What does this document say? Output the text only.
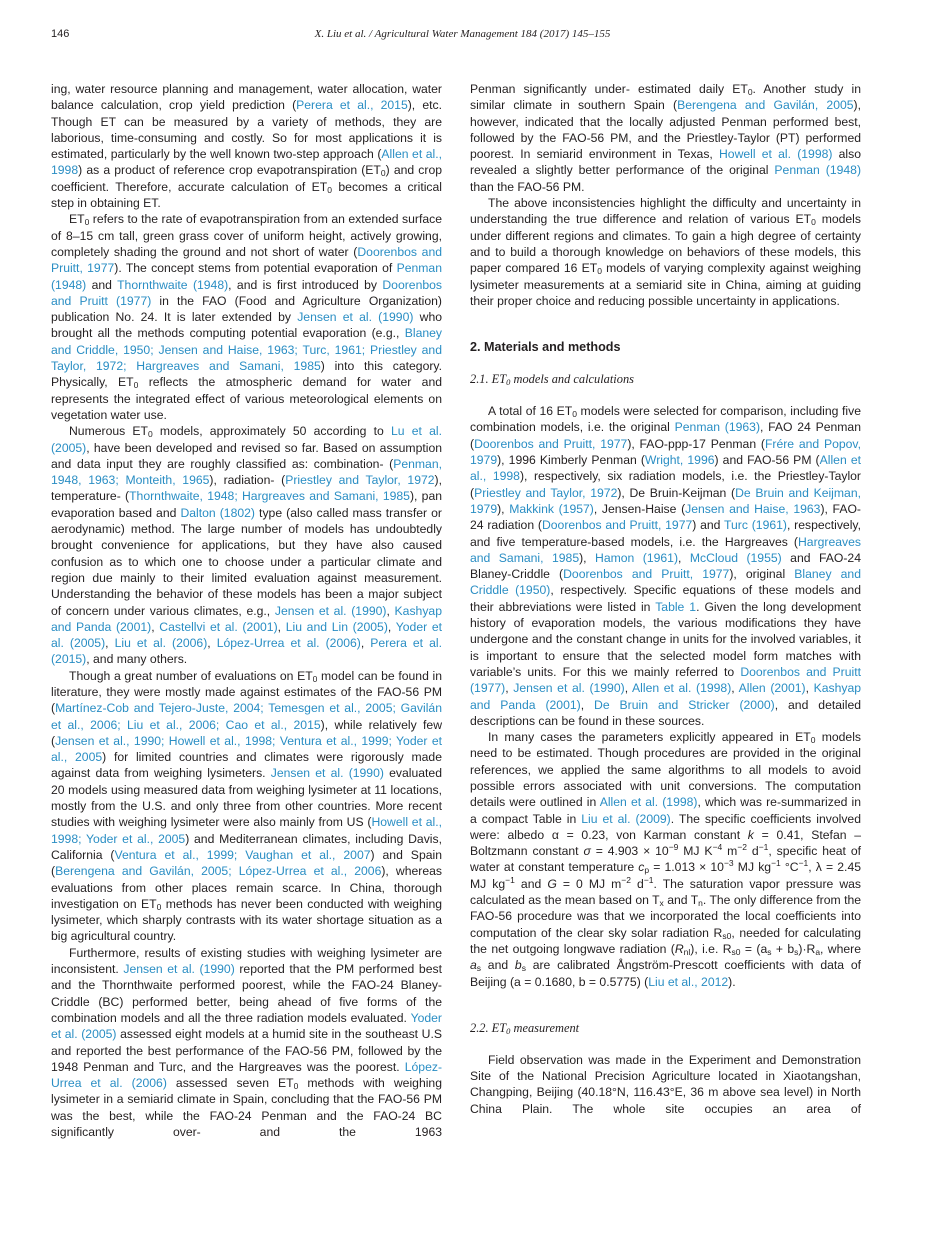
146	X. Liu et al. / Agricultural Water Management 184 (2017) 145–155

ing, water resource planning and management, water allocation, water balance calculation, crop yield prediction (Perera et al., 2015), etc. Though ET can be measured by a variety of methods, they are laborious, time-consuming and costly. So for most applications it is estimated, particularly by the well known two-step approach (Allen et al., 1998) as a product of reference crop evapotranspiration $(ET_0)$ and crop coefficient. Therefore, accurate calculation of $ET_0$ becomes a critical step in obtaining ET.

$ET_0$ refers to the rate of evapotranspiration from an extended surface of 8–15 cm tall, green grass cover of uniform height, actively growing, completely shading the ground and not short of water (Doorenbos and Pruitt, 1977). The concept stems from potential evaporation of Penman (1948) and Thornthwaite (1948), and is first introduced by Doorenbos and Pruitt (1977) in the FAO (Food and Agriculture Organization) publication No. 24. It is later extended by Jensen et al. (1990) who brought all the methods computing potential evaporation (e.g., Blaney and Criddle, 1950; Jensen and Haise, 1963; Turc, 1961; Priestley and Taylor, 1972; Hargreaves and Samani, 1985) into this category. Physically, $ET_0$ reflects the atmospheric demand for water and represents the integrated effect of various meteorological elements on vegetation water use.

Numerous $ET_0$ models, approximately 50 according to Lu et al. (2005), have been developed and revised so far. Based on assumption and data input they are roughly classified as: combination- (Penman, 1948, 1963; Monteith, 1965), radiation- (Priestley and Taylor, 1972), temperature- (Thornthwaite, 1948; Hargreaves and Samani, 1985), pan evaporation based and Dalton (1802) type (also called mass transfer or aerodynamic) method. The large number of models has undoubtedly brought convenience for applications, but they have also caused confusion as to which one to choose under a particular climate and region due mainly to their limited evaluation against measurement. Understanding the behavior of these models has been a major subject of concern under various climates, e.g., Jensen et al. (1990), Kashyap and Panda (2001), Castellvi et al. (2001), Liu and Lin (2005), Yoder et al. (2005), Liu et al. (2006), López-Urrea et al. (2006), Perera et al. (2015), and many others.

Though a great number of evaluations on $ET_0$ model can be found in literature, they were mostly made against estimates of the FAO-56 PM (Martínez-Cob and Tejero-Juste, 2004; Temesgen et al., 2005; Gavilán et al., 2006; Liu et al., 2006; Cao et al., 2015), while relatively few (Jensen et al., 1990; Howell et al., 1998; Ventura et al., 1999; Yoder et al., 2005) for limited countries and climates were rigorously made against data from weighing lysimeters. Jensen et al. (1990) evaluated 20 models using measured data from weighing lysimeter at 11 locations, mostly from the U.S. and only three from other countries. More recent studies with weighing lysimeter were also mainly from US (Howell et al., 1998; Yoder et al., 2005) and Mediterranean climates, including Davis, California (Ventura et al., 1999; Vaughan et al., 2007) and Spain (Berengena and Gavilán, 2005; López-Urrea et al., 2006), whereas evaluations from other places remain scarce. In China, thorough investigation on $ET_0$ methods has never been conducted with weighing lysimeter, which sharply contrasts with its water shortage situation as a big agricultural country.

Furthermore, results of existing studies with weighing lysimeter are inconsistent. Jensen et al. (1990) reported that the PM performed best and the Thornthwaite performed poorest, while the FAO-24 Blaney-Criddle (BC) performed better, being ahead of five forms of the combination models and all the three radiation models evaluated. Yoder et al. (2005) assessed eight models at a humid site in the southeast U.S and reported the best performance of the FAO-56 PM, followed by the 1948 Penman and Turc, and the Hargreaves was the poorest. López-Urrea et al. (2006) assessed seven $ET_0$ methods with weighing lysimeter in a semiarid climate in Spain, concluding that the FAO-56 PM was the best, while the FAO-24 Penman and the FAO-24 BC significantly over- and the 1963

Penman significantly under- estimated daily $ET_0$. Another study in similar climate in southern Spain (Berengena and Gavilán, 2005), however, indicated that the locally adjusted Penman performed best, followed by the FAO-56 PM, and the Priestley-Taylor (PT) performed poorest. In semiarid environment in Texas, Howell et al. (1998) also revealed a slightly better performance of the original Penman (1948) than the FAO-56 PM.

The above inconsistencies highlight the difficulty and uncertainty in understanding the true difference and relation of various $ET_0$ models under different regions and climates. To gain a high degree of certainty and to build a thorough knowledge on behaviors of these models, this paper compared 16 $ET_0$ models of varying complexity against weighing lysimeter measurements at a semiarid site in China, aiming at guiding their proper choice and reducing possible uncertainty in applications.

2. Materials and methods
2.1. $ET_0$ models and calculations

A total of 16 $ET_0$ models were selected for comparison, including five combination models, i.e. the original Penman (1963), FAO 24 Penman (Doorenbos and Pruitt, 1977), FAO-ppp-17 Penman (Frére and Popov, 1979), 1996 Kimberly Penman (Wright, 1996) and FAO-56 PM (Allen et al., 1998), respectively, six radiation models, i.e. the Priestley-Taylor (Priestley and Taylor, 1972), De Bruin-Keijman (De Bruin and Keijman, 1979), Makkink (1957), Jensen-Haise (Jensen and Haise, 1963), FAO-24 radiation (Doorenbos and Pruitt, 1977) and Turc (1961), respectively, and five temperature-based models, i.e. the Hargreaves (Hargreaves and Samani, 1985), Hamon (1961), McCloud (1955) and FAO-24 Blaney-Criddle (Doorenbos and Pruitt, 1977), original Blaney and Criddle (1950), respectively. Specific equations of these models and their abbreviations were listed in Table 1. Given the long development history of evaporation models, the various modifications they have undergone and the constant change in units for the involved variables, it is important to ensure that the selected model form matches with variable’s units. For this we mainly referred to Doorenbos and Pruitt (1977), Jensen et al. (1990), Allen et al. (1998), Allen (2001), Kashyap and Panda (2001), De Bruin and Stricker (2000), and detailed descriptions can be found in these sources.

In many cases the parameters explicitly appeared in $ET_0$ models need to be estimated. Though procedures are provided in the original references, we applied the same algorithms to all models to avoid possible errors associated with unit conversions. The computation details were outlined in Allen et al. (1998), which was re-summarized in a compact Table in Liu et al. (2009). The specific coefficients involved were: albedo α = 0.23, von Karman constant k = 0.41, Stefan – Boltzmann constant $\sigma = 4.903 \times 10^{-9}$ MJ $K^{-4}$ $m^{-2}$ $d^{-1}$, specific heat of water at constant temperature $c_p = 1.013 \times 10^{-3}$ MJ $kg^{-1}$ $^\circ C^{-1}$, λ = 2.45 MJ $kg^{-1}$ and G = 0 MJ $m^{-2}$ $d^{-1}$. The saturation vapor pressure was calculated as the mean based on $T_x$ and $T_n$. The only difference from the FAO-56 procedure was that we incorporated the local coefficients into computation of the clear sky solar radiation $R_{s0}$, needed for calculating the net outgoing longwave radiation $(R_{nl})$, i.e. $R_{s0} = (a_s + b_s)\cdot R_a$, where $a_s$ and $b_s$ are calibrated Ångström-Prescott coefficients with data of Beijing (a = 0.1680, b = 0.5775) (Liu et al., 2012).

2.2. $ET_0$ measurement

Field observation was made in the Experiment and Demonstration Site of the National Precision Agriculture located in Xiaotangshan, Changping, Beijing (40.18°N, 116.43°E, 36 m above sea level) in North China Plain. The whole site occupies an area of
